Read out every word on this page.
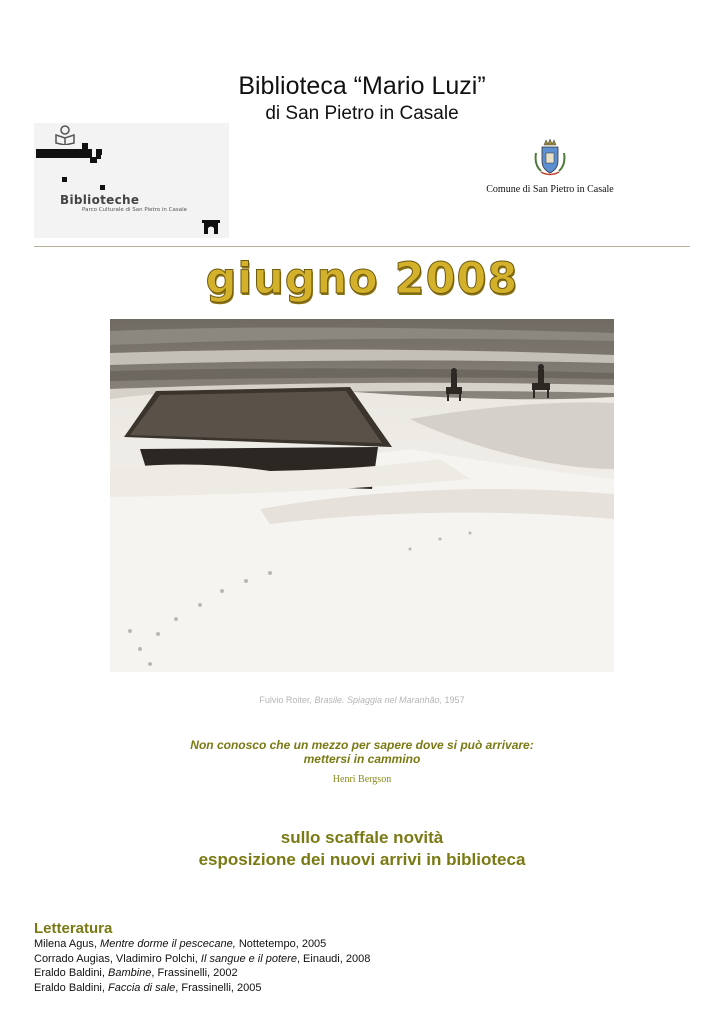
Biblioteca “Mario Luzi”
di San Pietro in Casale
Biblioteche
Parco Culturale di San Pietro in Casale
Comune di San Pietro in Casale
giugno 2008
Fulvio Roiter, Brasile. Spiaggia nel Maranhão, 1957
Non conosco che un mezzo per sapere dove si può arrivare:
mettersi in cammino
Henri Bergson
sullo scaffale novità
esposizione dei nuovi arrivi in biblioteca
Letteratura
Milena Agus, Mentre dorme il pescecane, Nottetempo, 2005
Corrado Augias, Vladimiro Polchi, Il sangue e il potere, Einaudi, 2008
Eraldo Baldini, Bambine, Frassinelli, 2002
Eraldo Baldini, Faccia di sale, Frassinelli, 2005
